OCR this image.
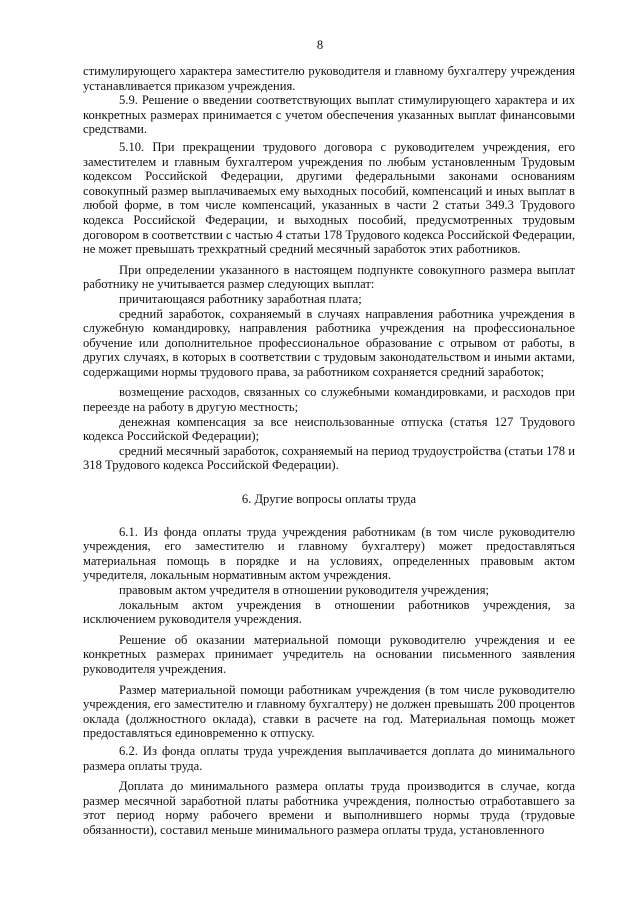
8

стимулирующего характера заместителю руководителя и главному бухгалтеру учреждения устанавливается приказом учреждения.

5.9. Решение о введении соответствующих выплат стимулирующего характера и их конкретных размерах принимается с учетом обеспечения указанных выплат финансовыми средствами.

5.10. При прекращении трудового договора с руководителем учреждения, его заместителем и главным бухгалтером учреждения по любым установленным Трудовым кодексом Российской Федерации, другими федеральными законами основаниям совокупный размер выплачиваемых ему выходных пособий, компенсаций и иных выплат в любой форме, в том числе компенсаций, указанных в части 2 статьи 349.3 Трудового кодекса Российской Федерации, и выходных пособий, предусмотренных трудовым договором в соответствии с частью 4 статьи 178 Трудового кодекса Российской Федерации, не может превышать трехкратный средний месячный заработок этих работников.

При определении указанного в настоящем подпункте совокупного размера выплат работнику не учитывается размер следующих выплат:

причитающаяся работнику заработная плата;

средний заработок, сохраняемый в случаях направления работника учреждения в служебную командировку, направления работника учреждения на профессиональное обучение или дополнительное профессиональное образование с отрывом от работы, в других случаях, в которых в соответствии с трудовым законодательством и иными актами, содержащими нормы трудового права, за работником сохраняется средний заработок;

возмещение расходов, связанных со служебными командировками, и расходов при переезде на работу в другую местность;

денежная компенсация за все неиспользованные отпуска (статья 127 Трудового кодекса Российской Федерации);

средний месячный заработок, сохраняемый на период трудоустройства (статьи 178 и 318 Трудового кодекса Российской Федерации).

6. Другие вопросы оплаты труда

6.1. Из фонда оплаты труда учреждения работникам (в том числе руководителю учреждения, его заместителю и главному бухгалтеру) может предоставляться материальная помощь в порядке и на условиях, определенных правовым актом учредителя, локальным нормативным актом учреждения.

правовым актом учредителя в отношении руководителя учреждения;

локальным актом учреждения в отношении работников учреждения, за исключением руководителя учреждения.

Решение об оказании материальной помощи руководителю учреждения и ее конкретных размерах принимает учредитель на основании письменного заявления руководителя учреждения.

Размер материальной помощи работникам учреждения (в том числе руководителю учреждения, его заместителю и главному бухгалтеру) не должен превышать 200 процентов оклада (должностного оклада), ставки в расчете на год. Материальная помощь может предоставляться единовременно к отпуску.

6.2. Из фонда оплаты труда учреждения выплачивается доплата до минимального размера оплаты труда.

Доплата до минимального размера оплаты труда производится в случае, когда размер месячной заработной платы работника учреждения, полностью отработавшего за этот период норму рабочего времени и выполнившего нормы труда (трудовые обязанности), составил меньше минимального размера оплаты труда, установленного
